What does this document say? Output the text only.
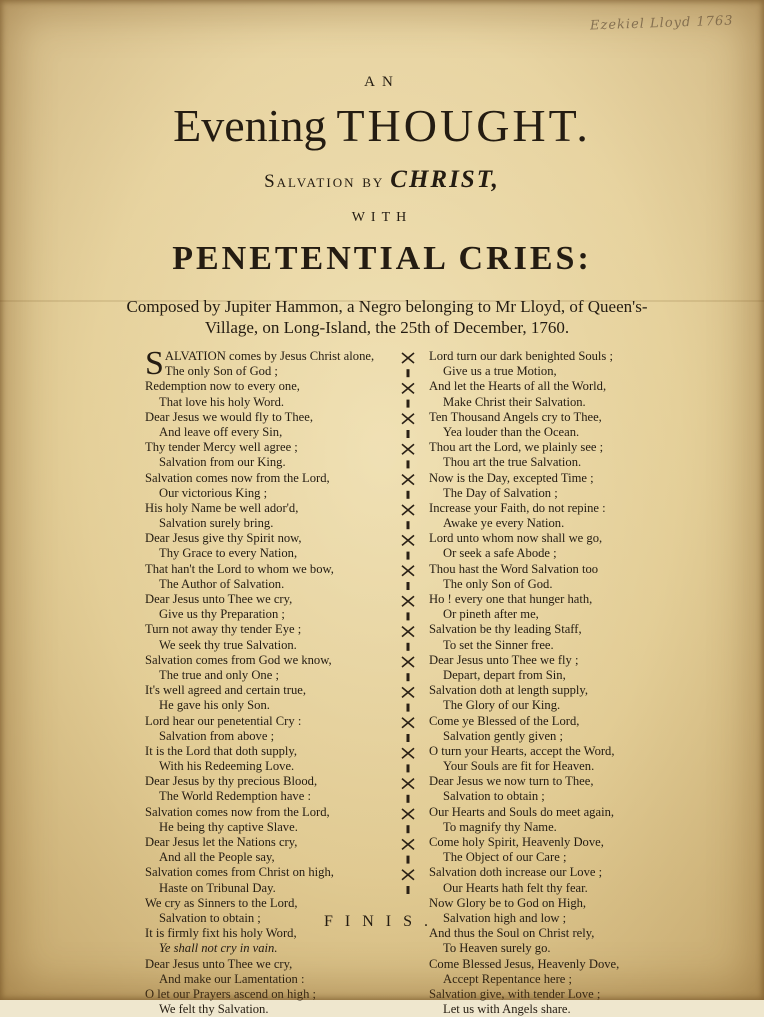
Ezekiel Lloyd 1763
AN
Evening THOUGHT.
Salvation by CHRIST,
WITH
PENETENTIAL CRIES:
Composed by Jupiter Hammon, a Negro belonging to Mr Lloyd, of Queen's-Village, on Long-Island, the 25th of December, 1760.
SALVATION comes by Jesus Christ alone,
The only Son of God ;
Redemption now to every one,
That love his holy Word.
Dear Jesus we would fly to Thee,
And leave off every Sin,
Thy tender Mercy well agree ;
Salvation from our King.
Salvation comes now from the Lord,
Our victorious King ;
His holy Name be well ador'd,
Salvation surely bring.
Dear Jesus give thy Spirit now,
Thy Grace to every Nation,
That han't the Lord to whom we bow,
The Author of Salvation.
Dear Jesus unto Thee we cry,
Give us thy Preparation ;
Turn not away thy tender Eye ;
We seek thy true Salvation.
Salvation comes from God we know,
The true and only One ;
It's well agreed and certain true,
He gave his only Son.
Lord hear our penetential Cry :
Salvation from above ;
It is the Lord that doth supply,
With his Redeeming Love.
Dear Jesus by thy precious Blood,
The World Redemption have :
Salvation comes now from the Lord,
He being thy captive Slave.
Dear Jesus let the Nations cry,
And all the People say,
Salvation comes from Christ on high,
Haste on Tribunal Day.
We cry as Sinners to the Lord,
Salvation to obtain ;
It is firmly fixt his holy Word,
Ye shall not cry in vain.
Dear Jesus unto Thee we cry,
And make our Lamentation :
O let our Prayers ascend on high ;
We felt thy Salvation.
Lord turn our dark benighted Souls ;
Give us a true Motion,
And let the Hearts of all the World,
Make Christ their Salvation.
Ten Thousand Angels cry to Thee,
Yea louder than the Ocean.
Thou art the Lord, we plainly see ;
Thou art the true Salvation.
Now is the Day, excepted Time ;
The Day of Salvation ;
Increase your Faith, do not repine :
Awake ye every Nation.
Lord unto whom now shall we go,
Or seek a safe Abode ;
Thou hast the Word Salvation too
The only Son of God.
Ho ! every one that hunger hath,
Or pineth after me,
Salvation be thy leading Staff,
To set the Sinner free.
Dear Jesus unto Thee we fly ;
Depart, depart from Sin,
Salvation doth at length supply,
The Glory of our King.
Come ye Blessed of the Lord,
Salvation gently given ;
O turn your Hearts, accept the Word,
Your Souls are fit for Heaven.
Dear Jesus we now turn to Thee,
Salvation to obtain ;
Our Hearts and Souls do meet again,
To magnify thy Name.
Come holy Spirit, Heavenly Dove,
The Object of our Care ;
Salvation doth increase our Love ;
Our Hearts hath felt thy fear.
Now Glory be to God on High,
Salvation high and low ;
And thus the Soul on Christ rely,
To Heaven surely go.
Come Blessed Jesus, Heavenly Dove,
Accept Repentance here ;
Salvation give, with tender Love ;
Let us with Angels share.
FINIS.
